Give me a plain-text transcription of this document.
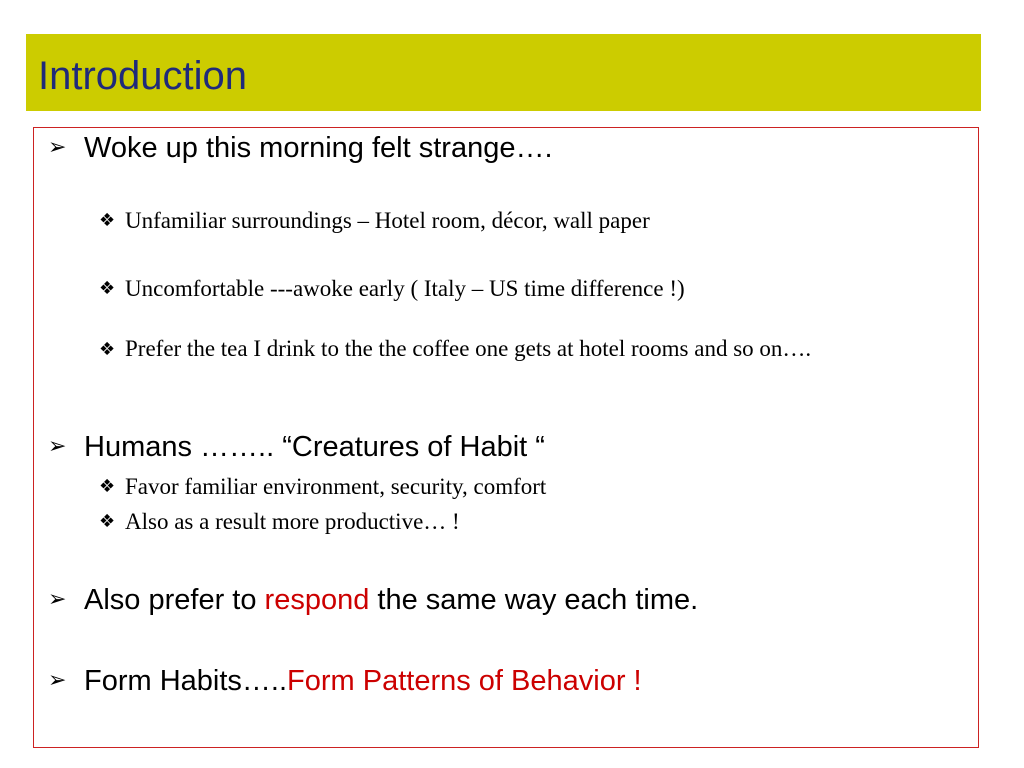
Introduction
➢ Woke up this morning felt strange….
❖ Unfamiliar surroundings – Hotel room, décor, wall paper
❖ Uncomfortable ---awoke early ( Italy – US time difference !)
❖ Prefer the tea I drink to the the coffee one gets at hotel rooms and so on….
➢ Humans …….. “Creatures of Habit “
❖ Favor familiar environment, security, comfort
❖ Also as a result more productive… !
➢ Also prefer to respond the same way each time.
➢ Form Habits…..Form Patterns of Behavior !
